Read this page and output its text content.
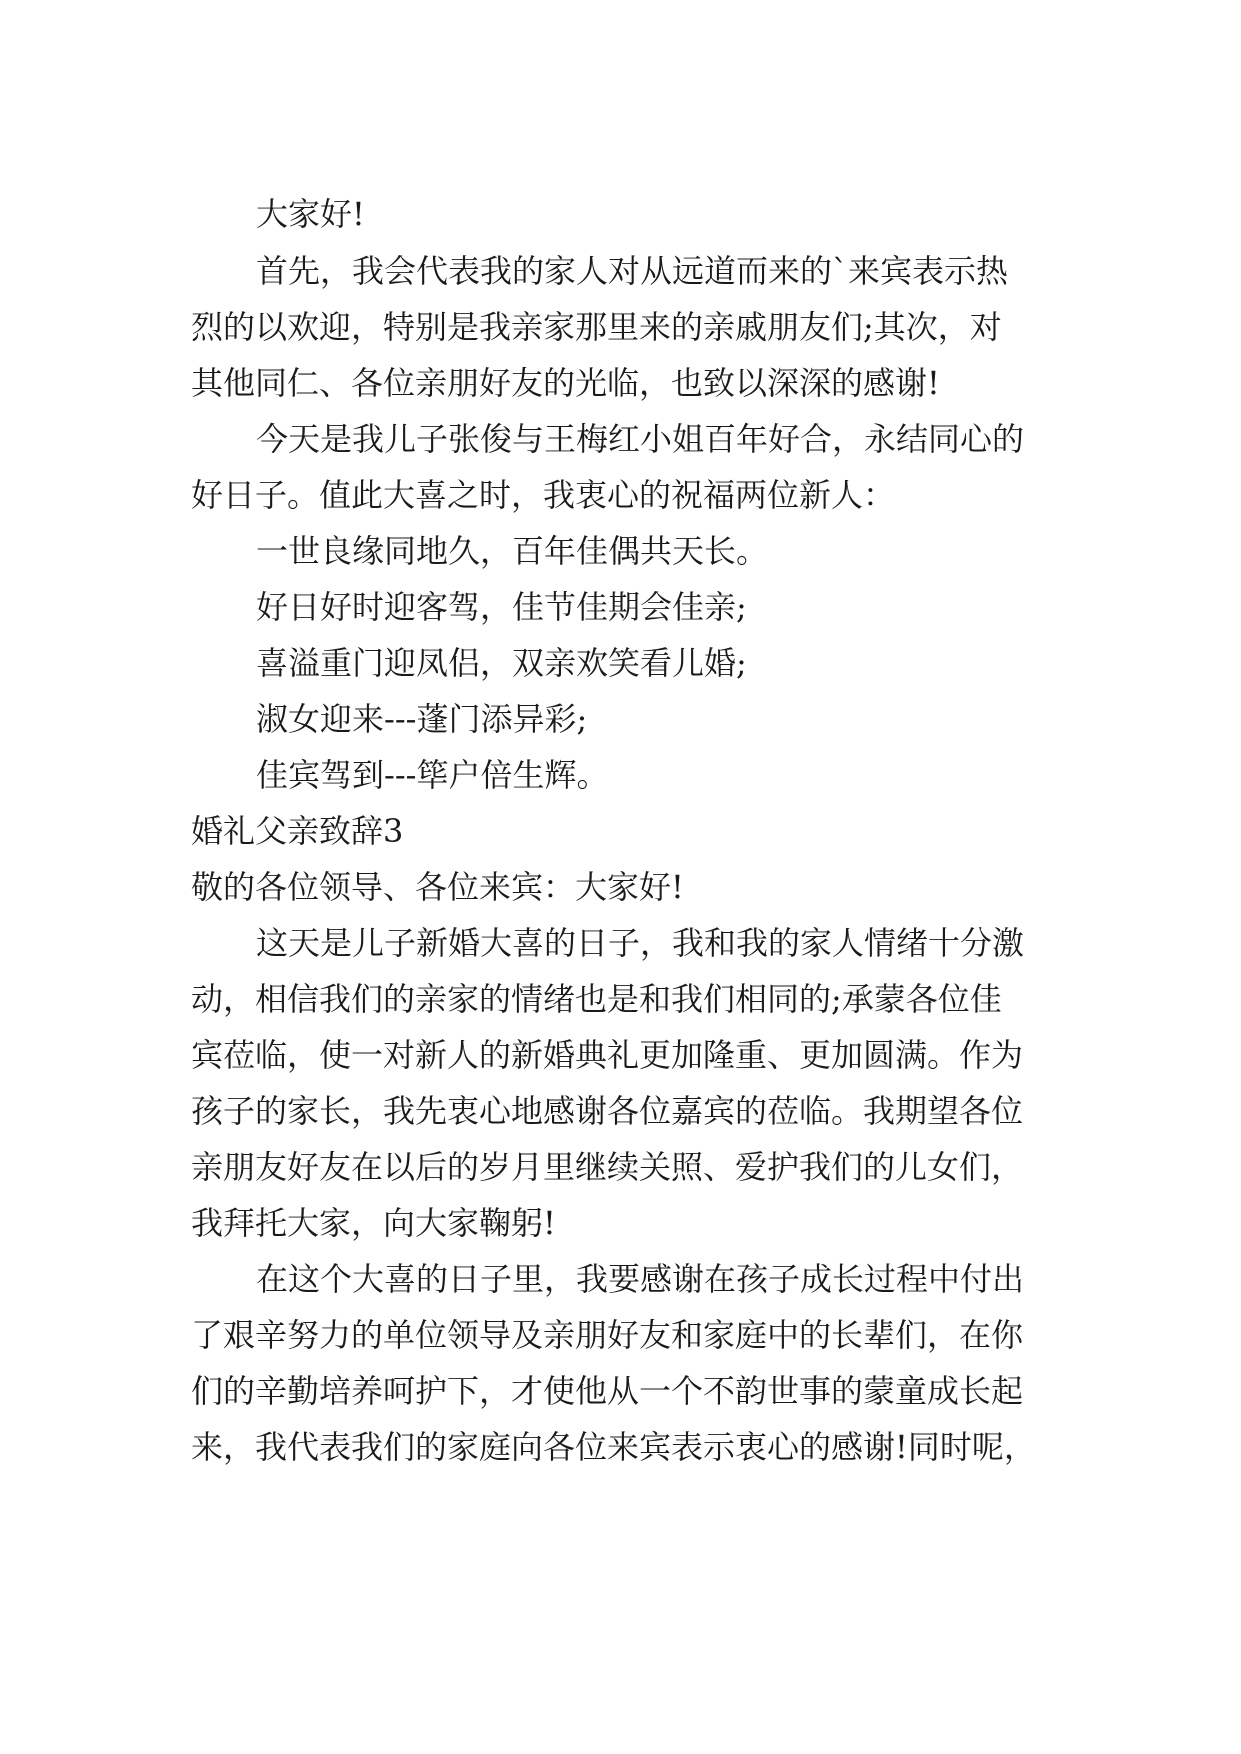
大家好!

首先，我会代表我的家人对从远道而来的`来宾表示热

烈的以欢迎，特别是我亲家那里来的亲戚朋友们;其次，对

其他同仁、各位亲朋好友的光临，也致以深深的感谢!

今天是我儿子张俊与王梅红小姐百年好合，永结同心的

好日子。值此大喜之时，我衷心的祝福两位新人：

一世良缘同地久，百年佳偶共天长。

好日好时迎客驾，佳节佳期会佳亲;

喜溢重门迎凤侣，双亲欢笑看儿婚;

淑女迎来---蓬门添异彩;

佳宾驾到---筚户倍生辉。

婚礼父亲致辞3

敬的各位领导、各位来宾：大家好!

这天是儿子新婚大喜的日子，我和我的家人情绪十分激

动，相信我们的亲家的情绪也是和我们相同的;承蒙各位佳

宾莅临，使一对新人的新婚典礼更加隆重、更加圆满。作为

孩子的家长，我先衷心地感谢各位嘉宾的莅临。我期望各位

亲朋友好友在以后的岁月里继续关照、爱护我们的儿女们，

我拜托大家，向大家鞠躬!

在这个大喜的日子里，我要感谢在孩子成长过程中付出

了艰辛努力的单位领导及亲朋好友和家庭中的长辈们，在你

们的辛勤培养呵护下，才使他从一个不韵世事的蒙童成长起

来，我代表我们的家庭向各位来宾表示衷心的感谢!同时呢，
